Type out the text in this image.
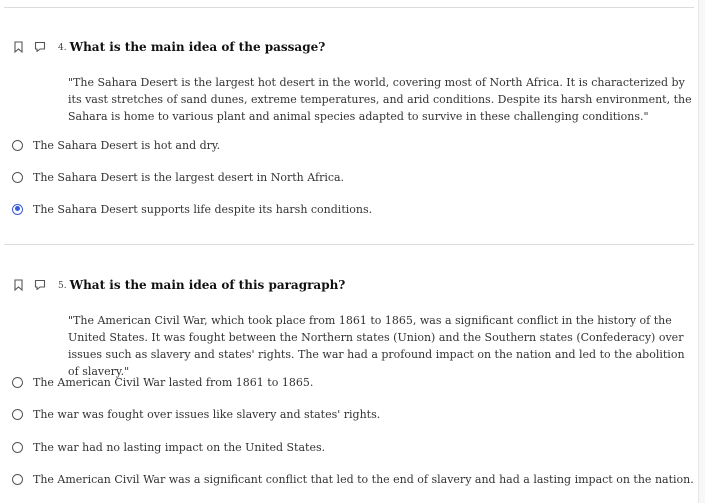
4. What is the main idea of the passage?
"The Sahara Desert is the largest hot desert in the world, covering most of North Africa. It is characterized by its vast stretches of sand dunes, extreme temperatures, and arid conditions. Despite its harsh environment, the Sahara is home to various plant and animal species adapted to survive in these challenging conditions."
The Sahara Desert is hot and dry.
The Sahara Desert is the largest desert in North Africa.
The Sahara Desert supports life despite its harsh conditions.
5. What is the main idea of this paragraph?
"The American Civil War, which took place from 1861 to 1865, was a significant conflict in the history of the United States. It was fought between the Northern states (Union) and the Southern states (Confederacy) over issues such as slavery and states' rights. The war had a profound impact on the nation and led to the abolition of slavery."
The American Civil War lasted from 1861 to 1865.
The war was fought over issues like slavery and states' rights.
The war had no lasting impact on the United States.
The American Civil War was a significant conflict that led to the end of slavery and had a lasting impact on the nation.
